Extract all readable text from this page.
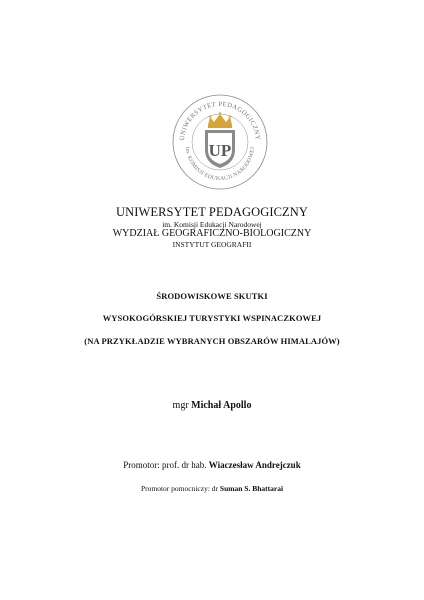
UNIWERSYTET PEDAGOGICZNY
im. KOMISJI EDUKACJI NARODOWEJ
UP
UNIWERSYTET PEDAGOGICZNY
im. Komisji Edukacji Narodowej
WYDZIAŁ GEOGRAFICZNO-BIOLOGICZNY
INSTYTUT GEOGRAFII
ŚRODOWISKOWE SKUTKI
WYSOKOGÓRSKIEJ TURYSTYKI WSPINACZKOWEJ
(NA PRZYKŁADZIE WYBRANYCH OBSZARÓW HIMALAJÓW)
mgr Michał Apollo
Promotor: prof. dr hab. Wiaczesław Andrejczuk
Promotor pomocniczy: dr Suman S. Bhattarai
